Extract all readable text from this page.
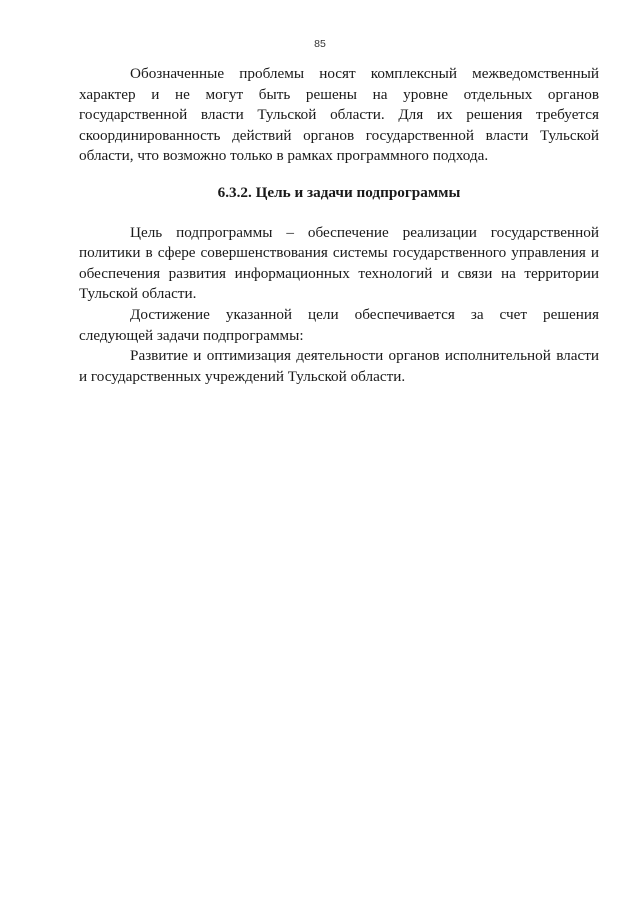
85

Обозначенные проблемы носят комплексный межведомственный характер и не могут быть решены на уровне отдельных органов государственной власти Тульской области. Для их решения требуется скоординированность действий органов государственной власти Тульской области, что возможно только в рамках программного подхода.

6.3.2. Цель и задачи подпрограммы

Цель подпрограммы – обеспечение реализации государственной политики в сфере совершенствования системы государственного управления и обеспечения развития информационных технологий и связи на территории Тульской области.

Достижение указанной цели обеспечивается за счет решения следующей задачи подпрограммы:

Развитие и оптимизация деятельности органов исполнительной власти и государственных учреждений Тульской области.
